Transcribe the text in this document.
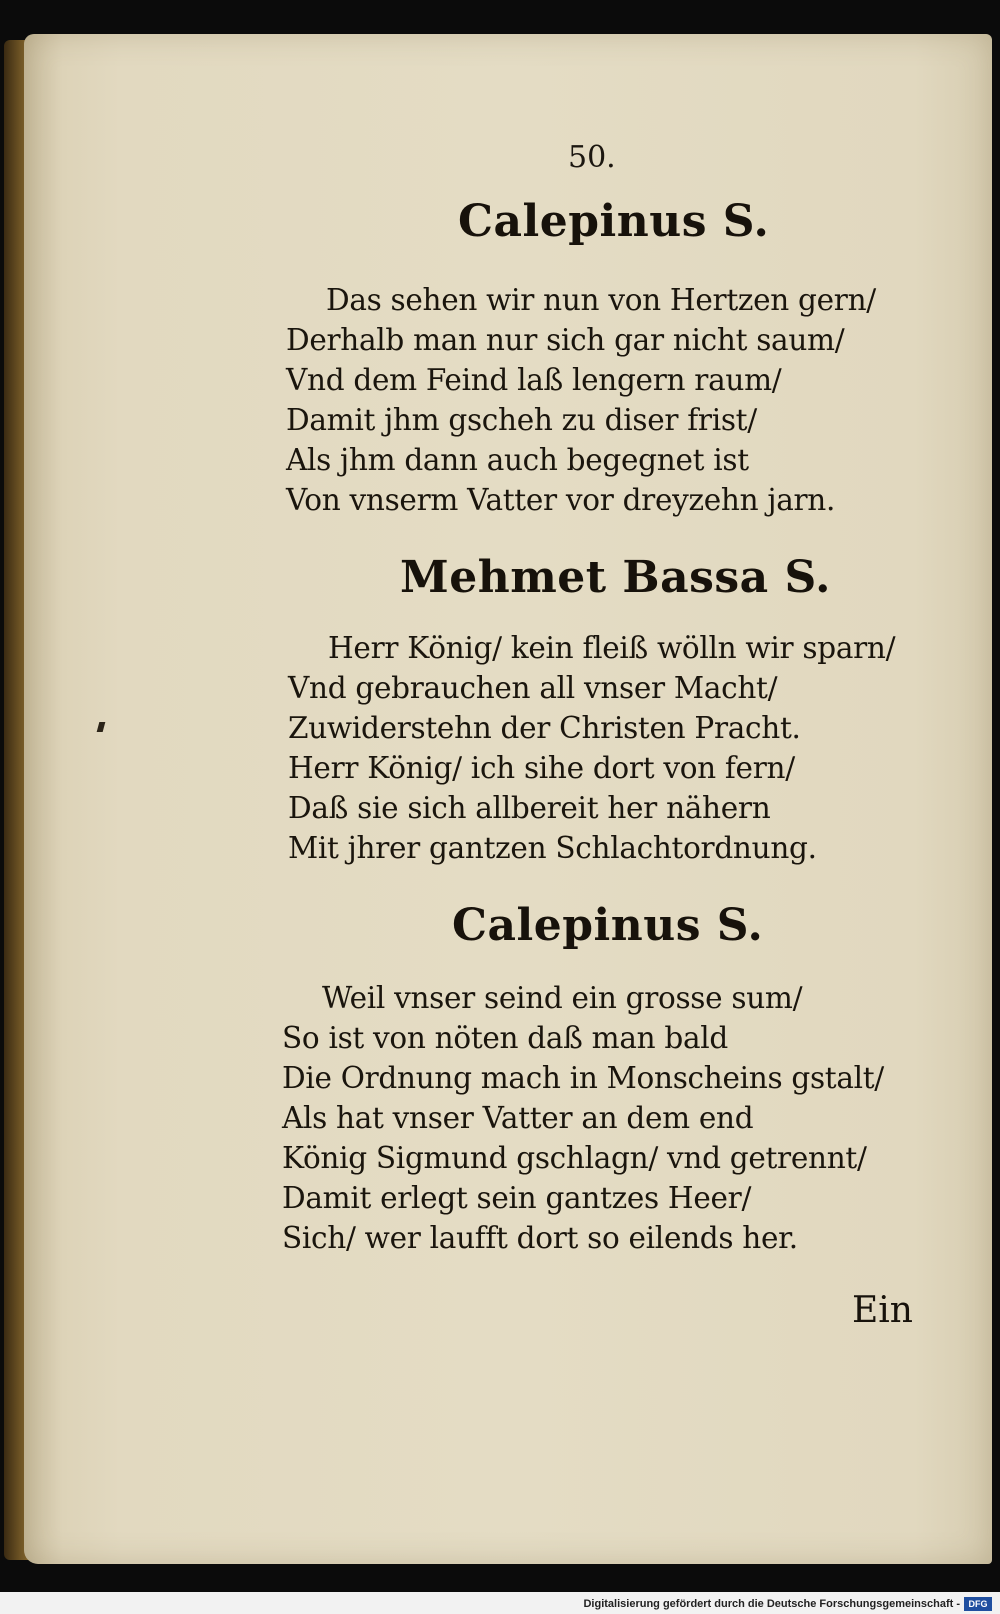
50.
Calepinus S.
Das sehen wir nun von Hertzen gern/
Derhalb man nur sich gar nicht saum/
Vnd dem Feind laß lengern raum/
Damit jhm gscheh zu diser frist/
Als jhm dann auch begegnet ist
Von vnserm Vatter vor dreyzehn jarn.
Mehmet Bassa S.
Herr König/ kein fleiß wölln wir sparn/
Vnd gebrauchen all vnser Macht/
Zuwiderstehn der Christen Pracht.
Herr König/ ich sihe dort von fern/
Daß sie sich allbereit her nähern
Mit jhrer gantzen Schlachtordnung.
Calepinus S.
Weil vnser seind ein grosse sum/
So ist von nöten daß man bald
Die Ordnung mach in Monscheins gstalt/
Als hat vnser Vatter an dem end
König Sigmund gschlagn/ vnd getrennt/
Damit erlegt sein gantzes Heer/
Sich/ wer laufft dort so eilends her.
Ein
Digitalisierung gefördert durch die Deutsche Forschungsgemeinschaft - DFG
